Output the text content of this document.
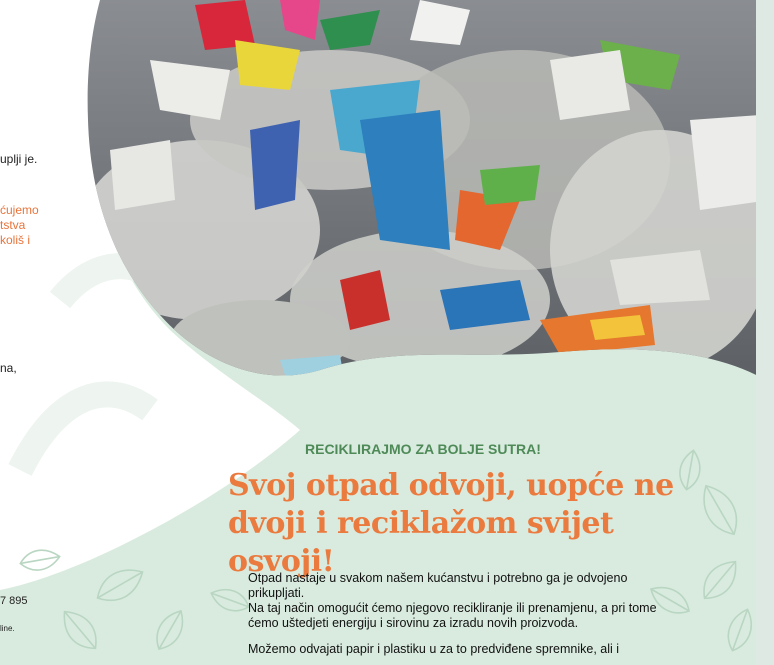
uplji je.
ćujemo
tstva
koliš i
na,
7 895
line.
RECIKLIRAJMO ZA BOLJE SUTRA!
Svoj otpad odvoji, uopće ne dvoji i reciklažom svijet osvoji!

Otpad nastaje u svakom našem kućanstvu i potrebno ga je odvojeno prikupljati.

Na taj način omogućit ćemo njegovo recikliranje ili prenamjenu, a pri tome ćemo uštedjeti energiju i sirovinu za izradu novih proizvoda.

Možemo odvajati papir i plastiku u za to predviđene spremnike, ali i
